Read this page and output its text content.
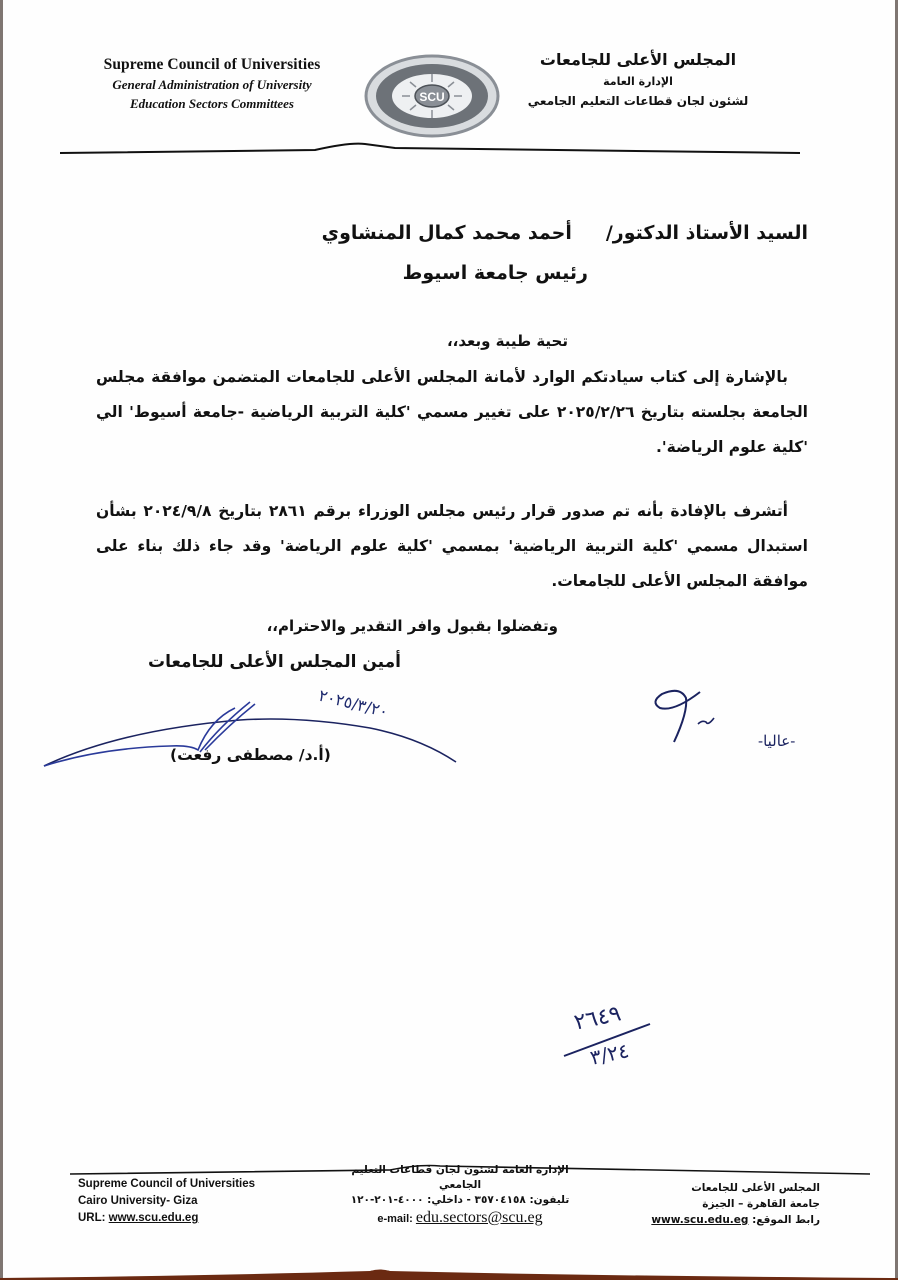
Supreme Council of Universities
General Administration of University
Education Sectors Committees	SCU
المجلس الأعلى للجامعات
الإدارة العامة
لشئون لجان قطاعات التعليم الجامعي
السيد الأستاذ الدكتور/أحمد محمد كمال المنشاوي
رئيس جامعة اسيوط
تحية طيبة وبعد،،
بالإشارة إلى كتاب سيادتكم الوارد لأمانة المجلس الأعلى للجامعات المتضمن موافقة مجلس الجامعة بجلسته بتاريخ ٢٠٢٥/٢/٢٦ على تغيير مسمي 'كلية التربية الرياضية -جامعة أسيوط' الي 'كلية علوم الرياضة'.
أتشرف بالإفادة بأنه تم صدور قرار رئيس مجلس الوزراء برقم ٢٨٦١ بتاريخ ٢٠٢٤/٩/٨ بشأن استبدال مسمي 'كلية التربية الرياضية' بمسمي 'كلية علوم الرياضة' وقد جاء ذلك بناء على موافقة المجلس الأعلى للجامعات.
وتفضلوا بقبول وافر التقدير والاحترام،،
أمين المجلس الأعلى للجامعات
٢٠٢٥/٣/٢٠
(أ.د/ مصطفى رفعت)
-عاليا-
٢٦٤٩
٣/٢٤
Supreme Council of Universities
Cairo University- Giza
URL: www.scu.edu.eg
الإدارة العامة لشئون لجان قطاعات التعليم الجامعي
تليفون: ٣٥٧٠٤١٥٨ - داخلي: ٤٠٠٠-٢٠١-١٢٠
e-mail: edu.sectors@scu.eg
المجلس الأعلى للجامعات
جامعة القاهرة – الجيزة
رابط الموقع: www.scu.edu.eg
